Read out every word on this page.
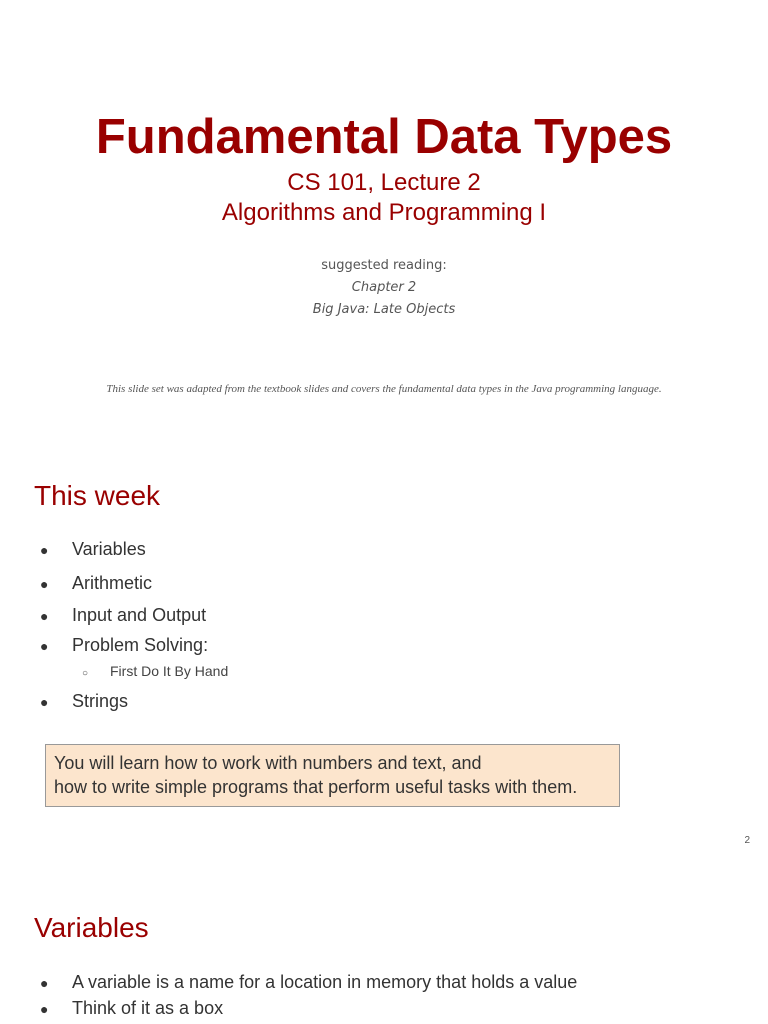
Fundamental Data Types
CS 101, Lecture 2
Algorithms and Programming I
suggested reading:
Chapter 2
Big Java: Late Objects
This slide set was adapted from the textbook slides and covers the fundamental data types in the Java programming language.
This week
● Variables
● Arithmetic
● Input and Output
● Problem Solving:
○ First Do It By Hand
● Strings
You will learn how to work with numbers and text, and
how to write simple programs that perform useful tasks with them.
2
Variables
● A variable is a name for a location in memory that holds a value
● Think of it as a box
